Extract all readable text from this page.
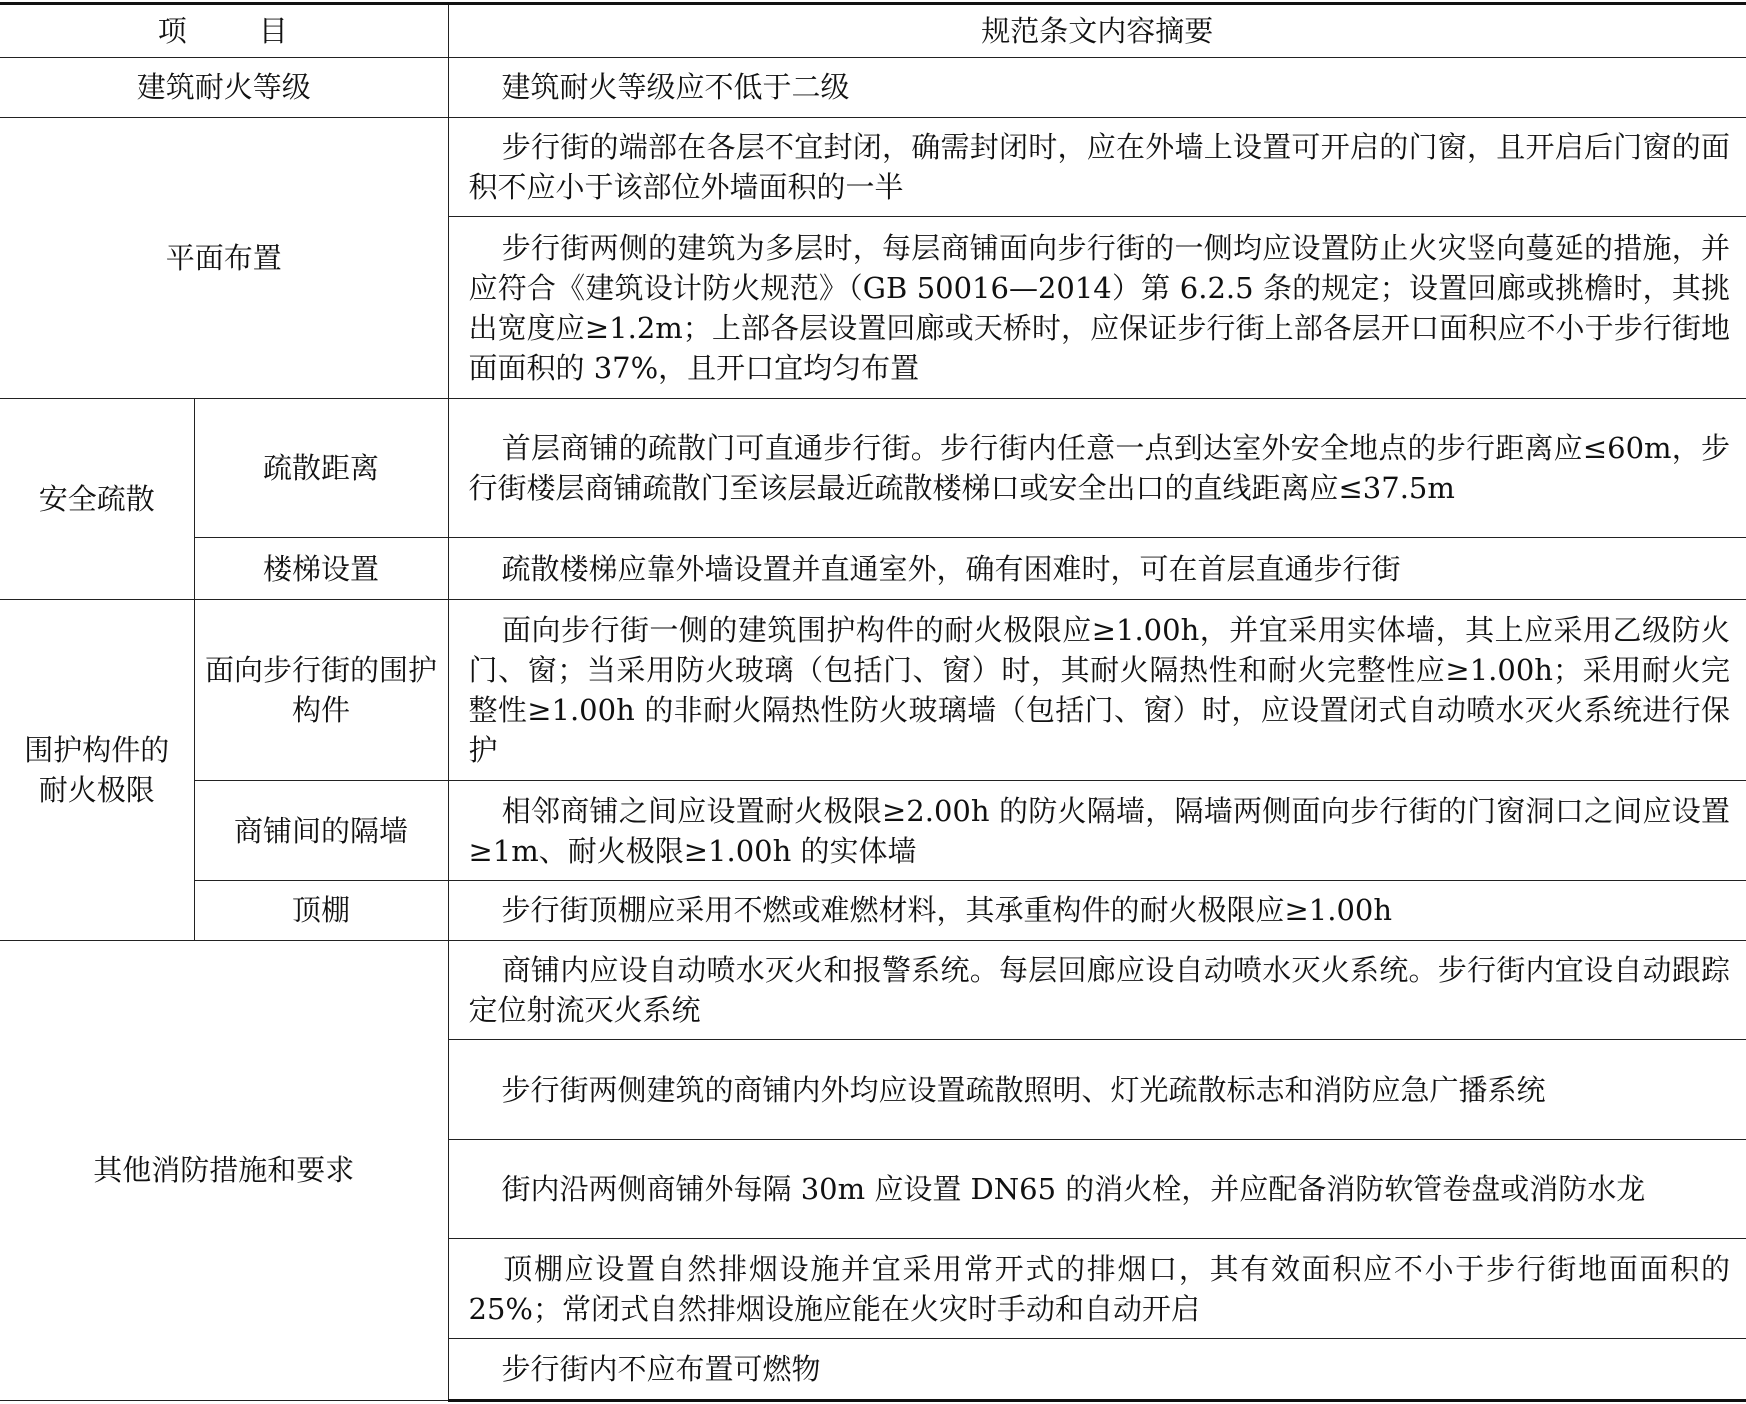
项 目		规范条文内容摘要
建筑耐火等级		建筑耐火等级应不低于二级
平面布置		步行街的端部在各层不宜封闭，确需封闭时，应在外墙上设置可开启的门窗，且开启后门窗的面积不应小于该部位外墙面积的一半
		步行街两侧的建筑为多层时，每层商铺面向步行街的一侧均应设置防止火灾竖向蔓延的措施，并应符合《建筑设计防火规范》（GB 50016—2014）第 6.2.5 条的规定；设置回廊或挑檐时，其挑出宽度应≥1.2m；上部各层设置回廊或天桥时，应保证步行街上部各层开口面积应不小于步行街地面面积的 37%，且开口宜均匀布置
安全疏散	疏散距离	首层商铺的疏散门可直通步行街。步行街内任意一点到达室外安全地点的步行距离应≤60m，步行街楼层商铺疏散门至该层最近疏散楼梯口或安全出口的直线距离应≤37.5m
	楼梯设置	疏散楼梯应靠外墙设置并直通室外，确有困难时，可在首层直通步行街
围护构件的耐火极限	面向步行街的围护构件	面向步行街一侧的建筑围护构件的耐火极限应≥1.00h，并宜采用实体墙，其上应采用乙级防火门、窗；当采用防火玻璃（包括门、窗）时，其耐火隔热性和耐火完整性应≥1.00h；采用耐火完整性≥1.00h 的非耐火隔热性防火玻璃墙（包括门、窗）时，应设置闭式自动喷水灭火系统进行保护
	商铺间的隔墙	相邻商铺之间应设置耐火极限≥2.00h 的防火隔墙，隔墙两侧面向步行街的门窗洞口之间应设置≥1m、耐火极限≥1.00h 的实体墙
	顶棚	步行街顶棚应采用不燃或难燃材料，其承重构件的耐火极限应≥1.00h
其他消防措施和要求		商铺内应设自动喷水灭火和报警系统。每层回廊应设自动喷水灭火系统。步行街内宜设自动跟踪定位射流灭火系统
		步行街两侧建筑的商铺内外均应设置疏散照明、灯光疏散标志和消防应急广播系统
		街内沿两侧商铺外每隔 30m 应设置 DN65 的消火栓，并应配备消防软管卷盘或消防水龙
		顶棚应设置自然排烟设施并宜采用常开式的排烟口，其有效面积应不小于步行街地面面积的 25%；常闭式自然排烟设施应能在火灾时手动和自动开启
		步行街内不应布置可燃物
